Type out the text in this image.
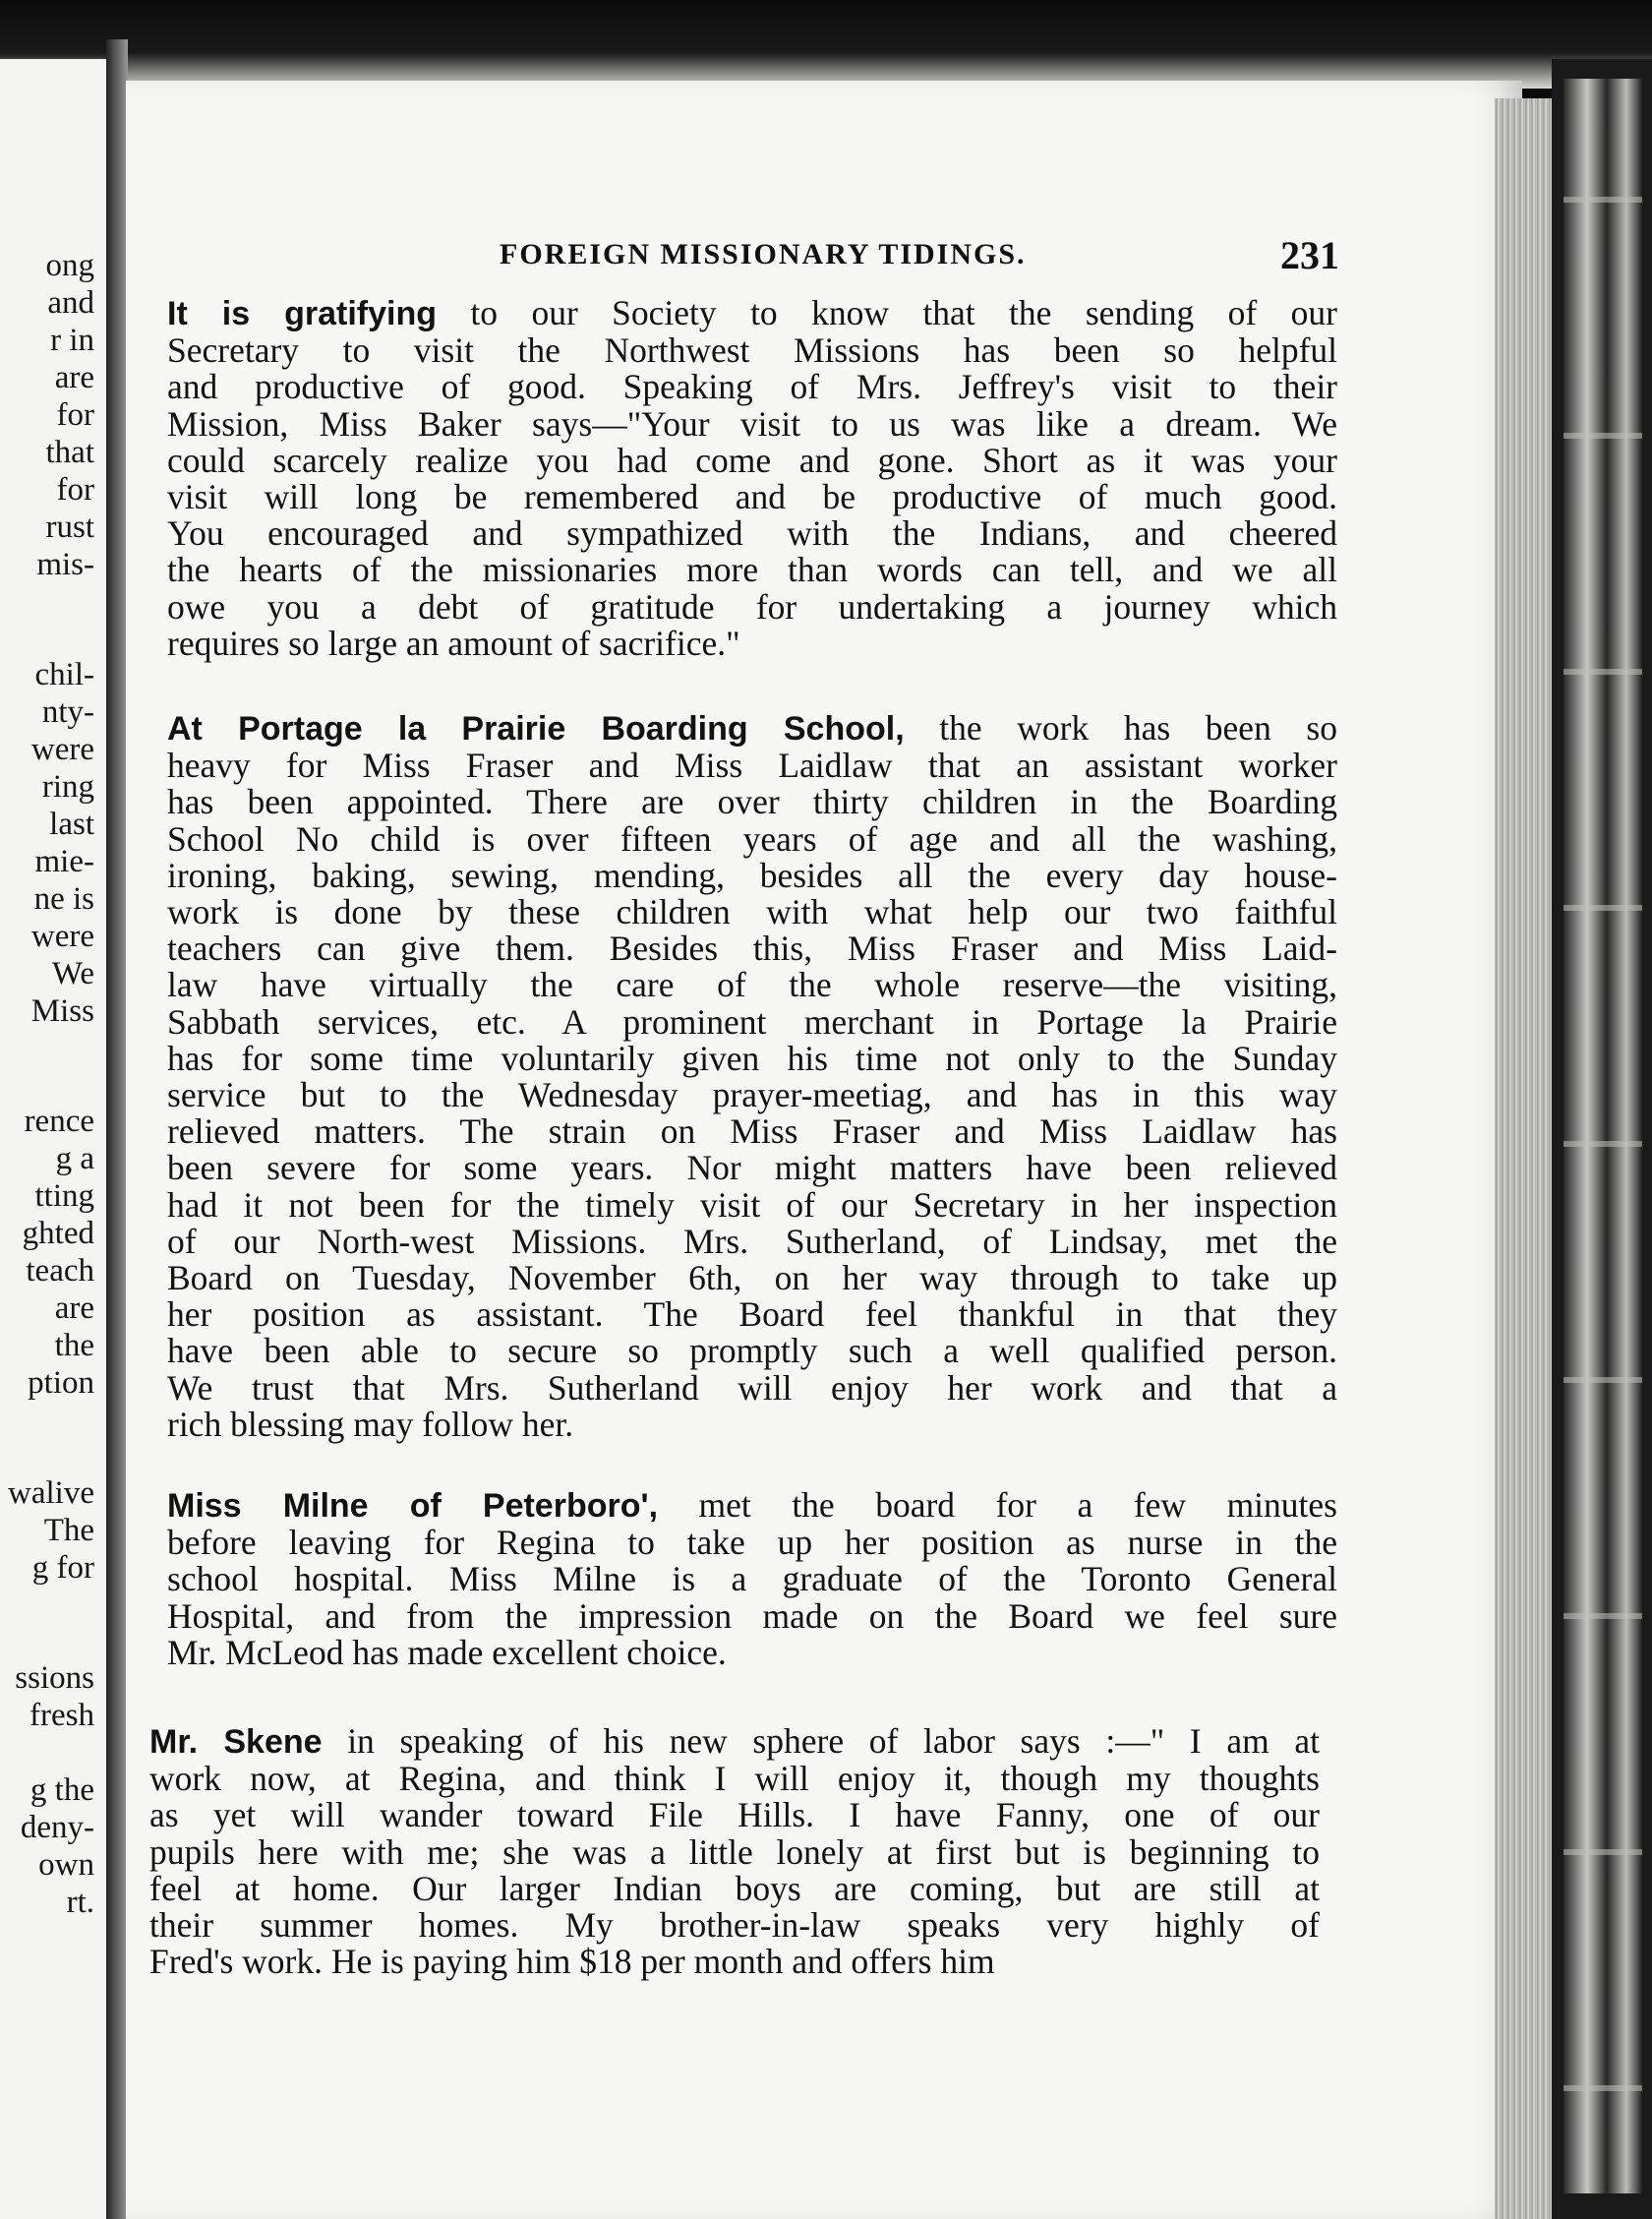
ong
and
r in
are
for
that
for
rust
mis-
chil-
nty-
were
ring
last
mie-
ne is
were
We
Miss
rence
g a
tting
ghted
teach
are
the
ption
walive
The
g for
ssions
fresh
g the
deny-
own
rt.
FOREIGN MISSIONARY TIDINGS.	231
It is gratifying to our Society to know that the sending of our
Secretary to visit the Northwest Missions has been so helpful
and productive of good. Speaking of Mrs. Jeffrey's visit to their
Mission, Miss Baker says—"Your visit to us was like a dream. We
could scarcely realize you had come and gone. Short as it was your
visit will long be remembered and be productive of much good.
You encouraged and sympathized with the Indians, and cheered
the hearts of the missionaries more than words can tell, and we all
owe you a debt of gratitude for undertaking a journey which
requires so large an amount of sacrifice."
At Portage la Prairie Boarding School, the work has been so
heavy for Miss Fraser and Miss Laidlaw that an assistant worker
has been appointed. There are over thirty children in the Boarding
School No child is over fifteen years of age and all the washing,
ironing, baking, sewing, mending, besides all the every day house-
work is done by these children with what help our two faithful
teachers can give them. Besides this, Miss Fraser and Miss Laid-
law have virtually the care of the whole reserve—the visiting,
Sabbath services, etc. A prominent merchant in Portage la Prairie
has for some time voluntarily given his time not only to the Sunday
service but to the Wednesday prayer-meetiag, and has in this way
relieved matters. The strain on Miss Fraser and Miss Laidlaw has
been severe for some years. Nor might matters have been relieved
had it not been for the timely visit of our Secretary in her inspection
of our North-west Missions. Mrs. Sutherland, of Lindsay, met the
Board on Tuesday, November 6th, on her way through to take up
her position as assistant. The Board feel thankful in that they
have been able to secure so promptly such a well qualified person.
We trust that Mrs. Sutherland will enjoy her work and that a
rich blessing may follow her.
Miss Milne of Peterboro', met the board for a few minutes
before leaving for Regina to take up her position as nurse in the
school hospital. Miss Milne is a graduate of the Toronto General
Hospital, and from the impression made on the Board we feel sure
Mr. McLeod has made excellent choice.
Mr. Skene in speaking of his new sphere of labor says :—" I am at
work now, at Regina, and think I will enjoy it, though my thoughts
as yet will wander toward File Hills. I have Fanny, one of our
pupils here with me; she was a little lonely at first but is beginning to
feel at home. Our larger Indian boys are coming, but are still at
their summer homes. My brother-in-law speaks very highly of
Fred's work. He is paying him $18 per month and offers him
